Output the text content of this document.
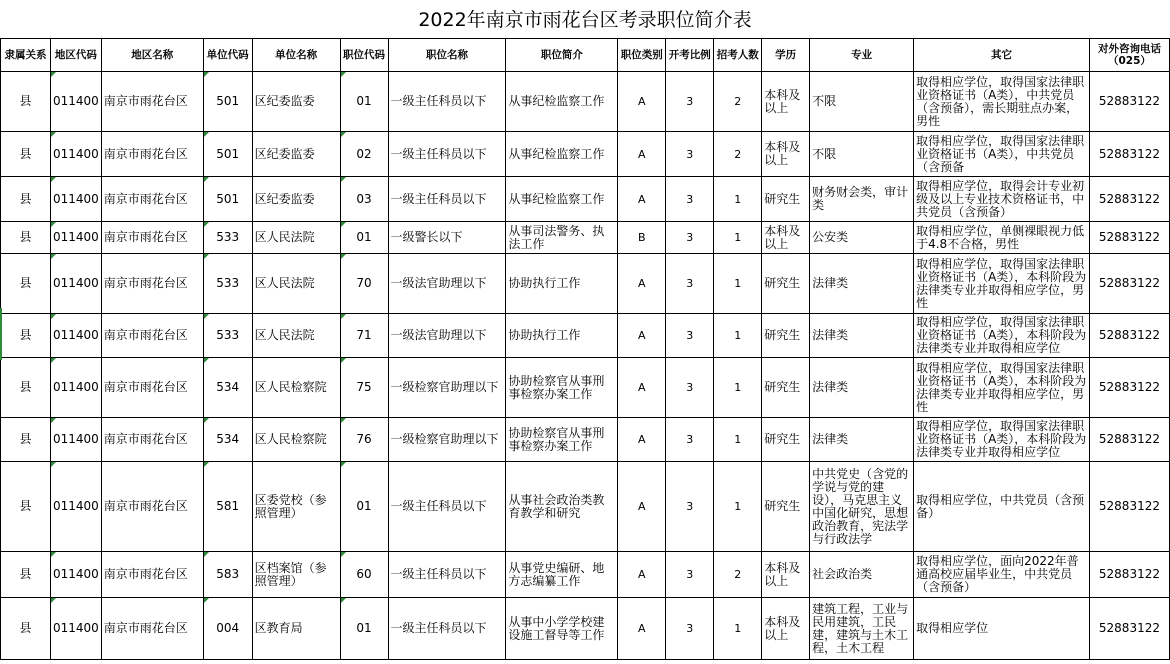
2022年南京市雨花台区考录职位简介表
隶属关系	地区代码	地区名称	单位代码	单位名称	职位代码	职位名称	职位简介	职位类别	开考比例	招考人数	学历	专业	其它	对外咨询电话（025）
县	011400	南京市雨花台区	501	区纪委监委	01	一级主任科员以下	从事纪检监察工作	A	3	2	本科及以上	不限	取得相应学位，取得国家法律职业资格证书（A类），中共党员（含预备），需长期驻点办案，男性	52883122
县	011400	南京市雨花台区	501	区纪委监委	02	一级主任科员以下	从事纪检监察工作	A	3	2	本科及以上	不限	取得相应学位，取得国家法律职业资格证书（A类），中共党员（含预备	52883122
县	011400	南京市雨花台区	501	区纪委监委	03	一级主任科员以下	从事纪检监察工作	A	3	1	研究生	财务财会类，审计类	取得相应学位，取得会计专业初级及以上专业技术资格证书，中共党员（含预备）	52883122
县	011400	南京市雨花台区	533	区人民法院	01	一级警长以下	从事司法警务、执法工作	B	3	1	本科及以上	公安类	取得相应学位，单侧裸眼视力低于4.8不合格，男性	52883122
县	011400	南京市雨花台区	533	区人民法院	70	一级法官助理以下	协助执行工作	A	3	1	研究生	法律类	取得相应学位，取得国家法律职业资格证书（A类），本科阶段为法律类专业并取得相应学位，男性	52883122
县	011400	南京市雨花台区	533	区人民法院	71	一级法官助理以下	协助执行工作	A	3	1	研究生	法律类	取得相应学位，取得国家法律职业资格证书（A类），本科阶段为法律类专业并取得相应学位	52883122
县	011400	南京市雨花台区	534	区人民检察院	75	一级检察官助理以下	协助检察官从事刑事检察办案工作	A	3	1	研究生	法律类	取得相应学位，取得国家法律职业资格证书（A类），本科阶段为法律类专业并取得相应学位，男性	52883122
县	011400	南京市雨花台区	534	区人民检察院	76	一级检察官助理以下	协助检察官从事刑事检察办案工作	A	3	1	研究生	法律类	取得相应学位，取得国家法律职业资格证书（A类），本科阶段为法律类专业并取得相应学位	52883122
县	011400	南京市雨花台区	581	区委党校（参照管理）	01	一级主任科员以下	从事社会政治类教育教学和研究	A	3	1	研究生	中共党史（含党的学说与党的建设），马克思主义中国化研究，思想政治教育，宪法学与行政法学	取得相应学位，中共党员（含预备）	52883122
县	011400	南京市雨花台区	583	区档案馆（参照管理）	60	一级主任科员以下	从事党史编研、地方志编纂工作	A	3	2	本科及以上	社会政治类	取得相应学位，面向2022年普通高校应届毕业生，中共党员（含预备）	52883122
县	011400	南京市雨花台区	004	区教育局	01	一级主任科员以下	从事中小学学校建设施工督导等工作	A	3	1	本科及以上	建筑工程，工业与民用建筑，工民建，建筑与土木工程，土木工程	取得相应学位	52883122
